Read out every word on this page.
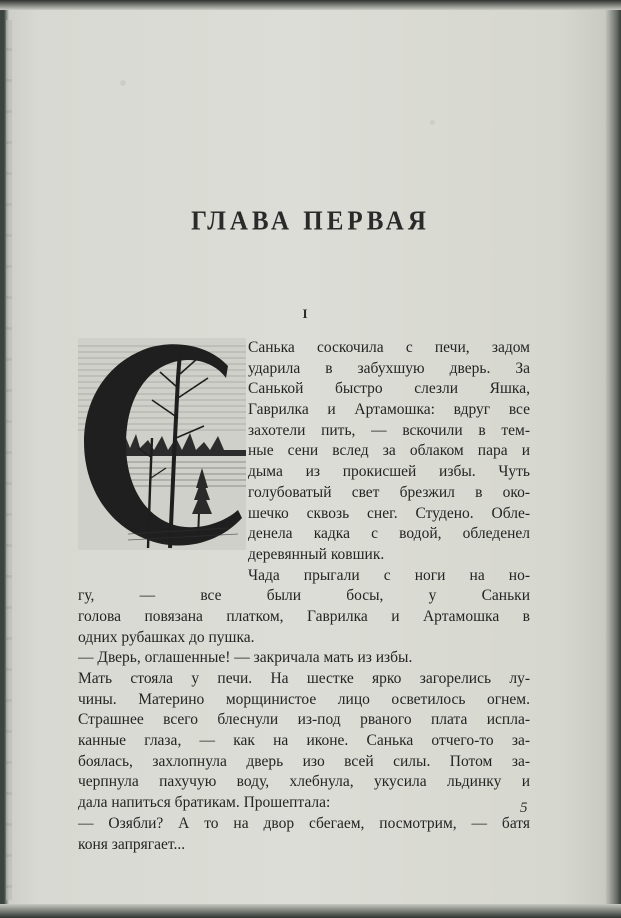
ГЛАВА ПЕРВАЯ
I
Санька соскочила с печи, задом
ударила в забухшую дверь. За
Санькой быстро слезли Яшка,
Гаврилка и Артамошка: вдруг все
захотели пить, — вскочили в тем-
ные сени вслед за облаком пара и
дыма из прокисшей избы. Чуть
голубоватый свет брезжил в око-
шечко сквозь снег. Студено. Обле-
денела кадка с водой, обледенел
деревянный ковшик.
Чада прыгали с ноги на но-
гу, — все были босы, у Саньки
голова повязана платком, Гаврилка и Артамошка в
одних рубашках до пушка.
— Дверь, оглашенные! — закричала мать из избы.
Мать стояла у печи. На шестке ярко загорелись лу-
чины. Материно морщинистое лицо осветилось огнем.
Страшнее всего блеснули из-под рваного плата испла-
канные глаза, — как на иконе. Санька отчего-то за-
боялась, захлопнула дверь изо всей силы. Потом за-
черпнула пахучую воду, хлебнула, укусила льдинку и
дала напиться братикам. Прошептала:
— Озябли? А то на двор сбегаем, посмотрим, — батя
коня запрягает...
5
